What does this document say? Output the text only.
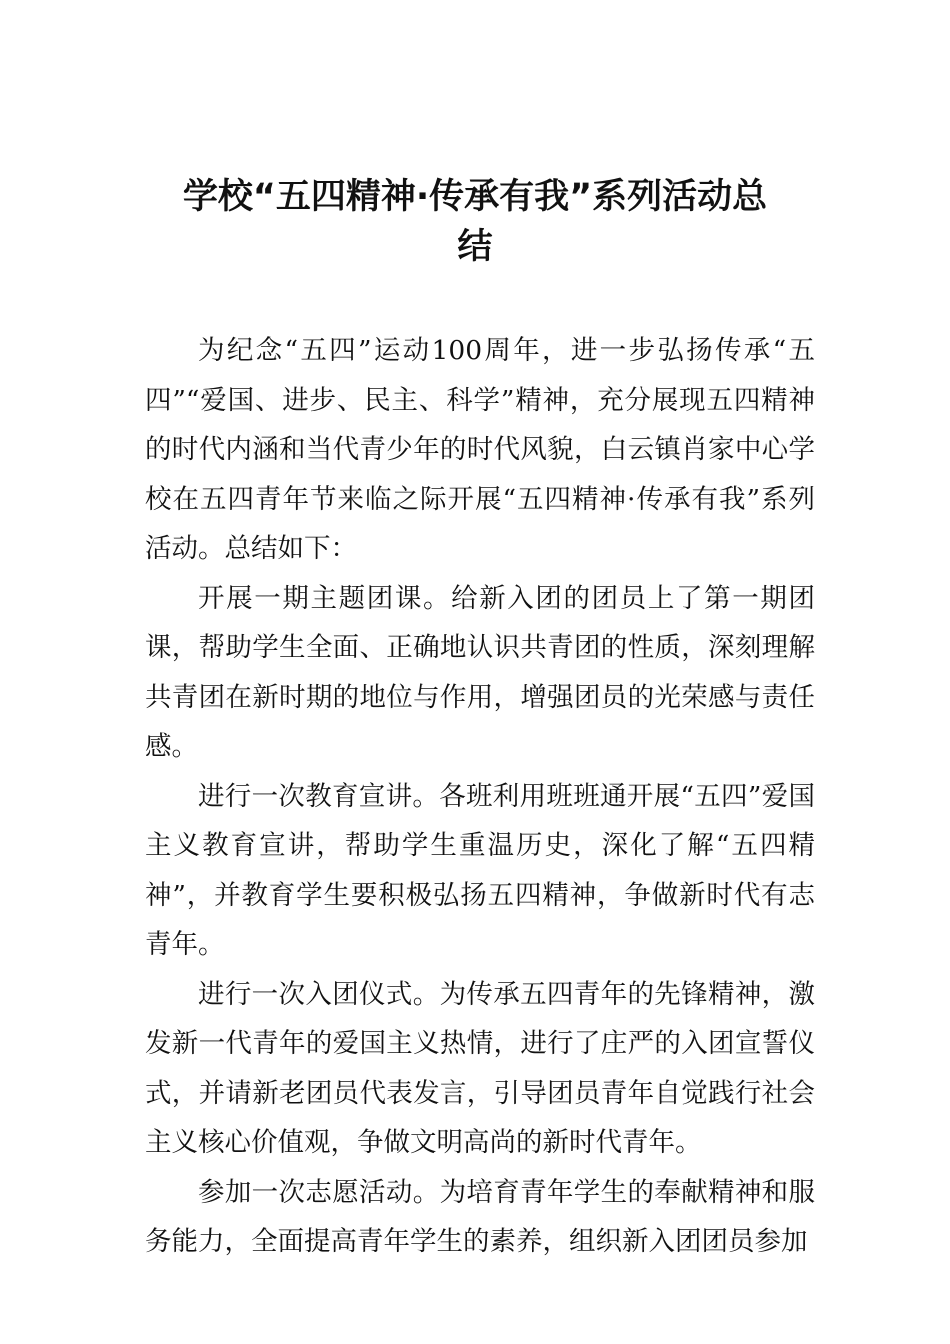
学校“五四精神·传承有我”系列活动总
结

为纪念“五四”运动100周年，进一步弘扬传承“五四”“爱国、进步、民主、科学”精神，充分展现五四精神的时代内涵和当代青少年的时代风貌，白云镇肖家中心学校在五四青年节来临之际开展“五四精神·传承有我”系列活动。总结如下：

开展一期主题团课。给新入团的团员上了第一期团课，帮助学生全面、正确地认识共青团的性质，深刻理解共青团在新时期的地位与作用，增强团员的光荣感与责任感。

进行一次教育宣讲。各班利用班班通开展“五四”爱国主义教育宣讲，帮助学生重温历史，深化了解“五四精神”，并教育学生要积极弘扬五四精神，争做新时代有志青年。

进行一次入团仪式。为传承五四青年的先锋精神，激发新一代青年的爱国主义热情，进行了庄严的入团宣誓仪式，并请新老团员代表发言，引导团员青年自觉践行社会主义核心价值观，争做文明高尚的新时代青年。

参加一次志愿活动。为培育青年学生的奉献精神和服务能力，全面提高青年学生的素养，组织新入团团员参加
